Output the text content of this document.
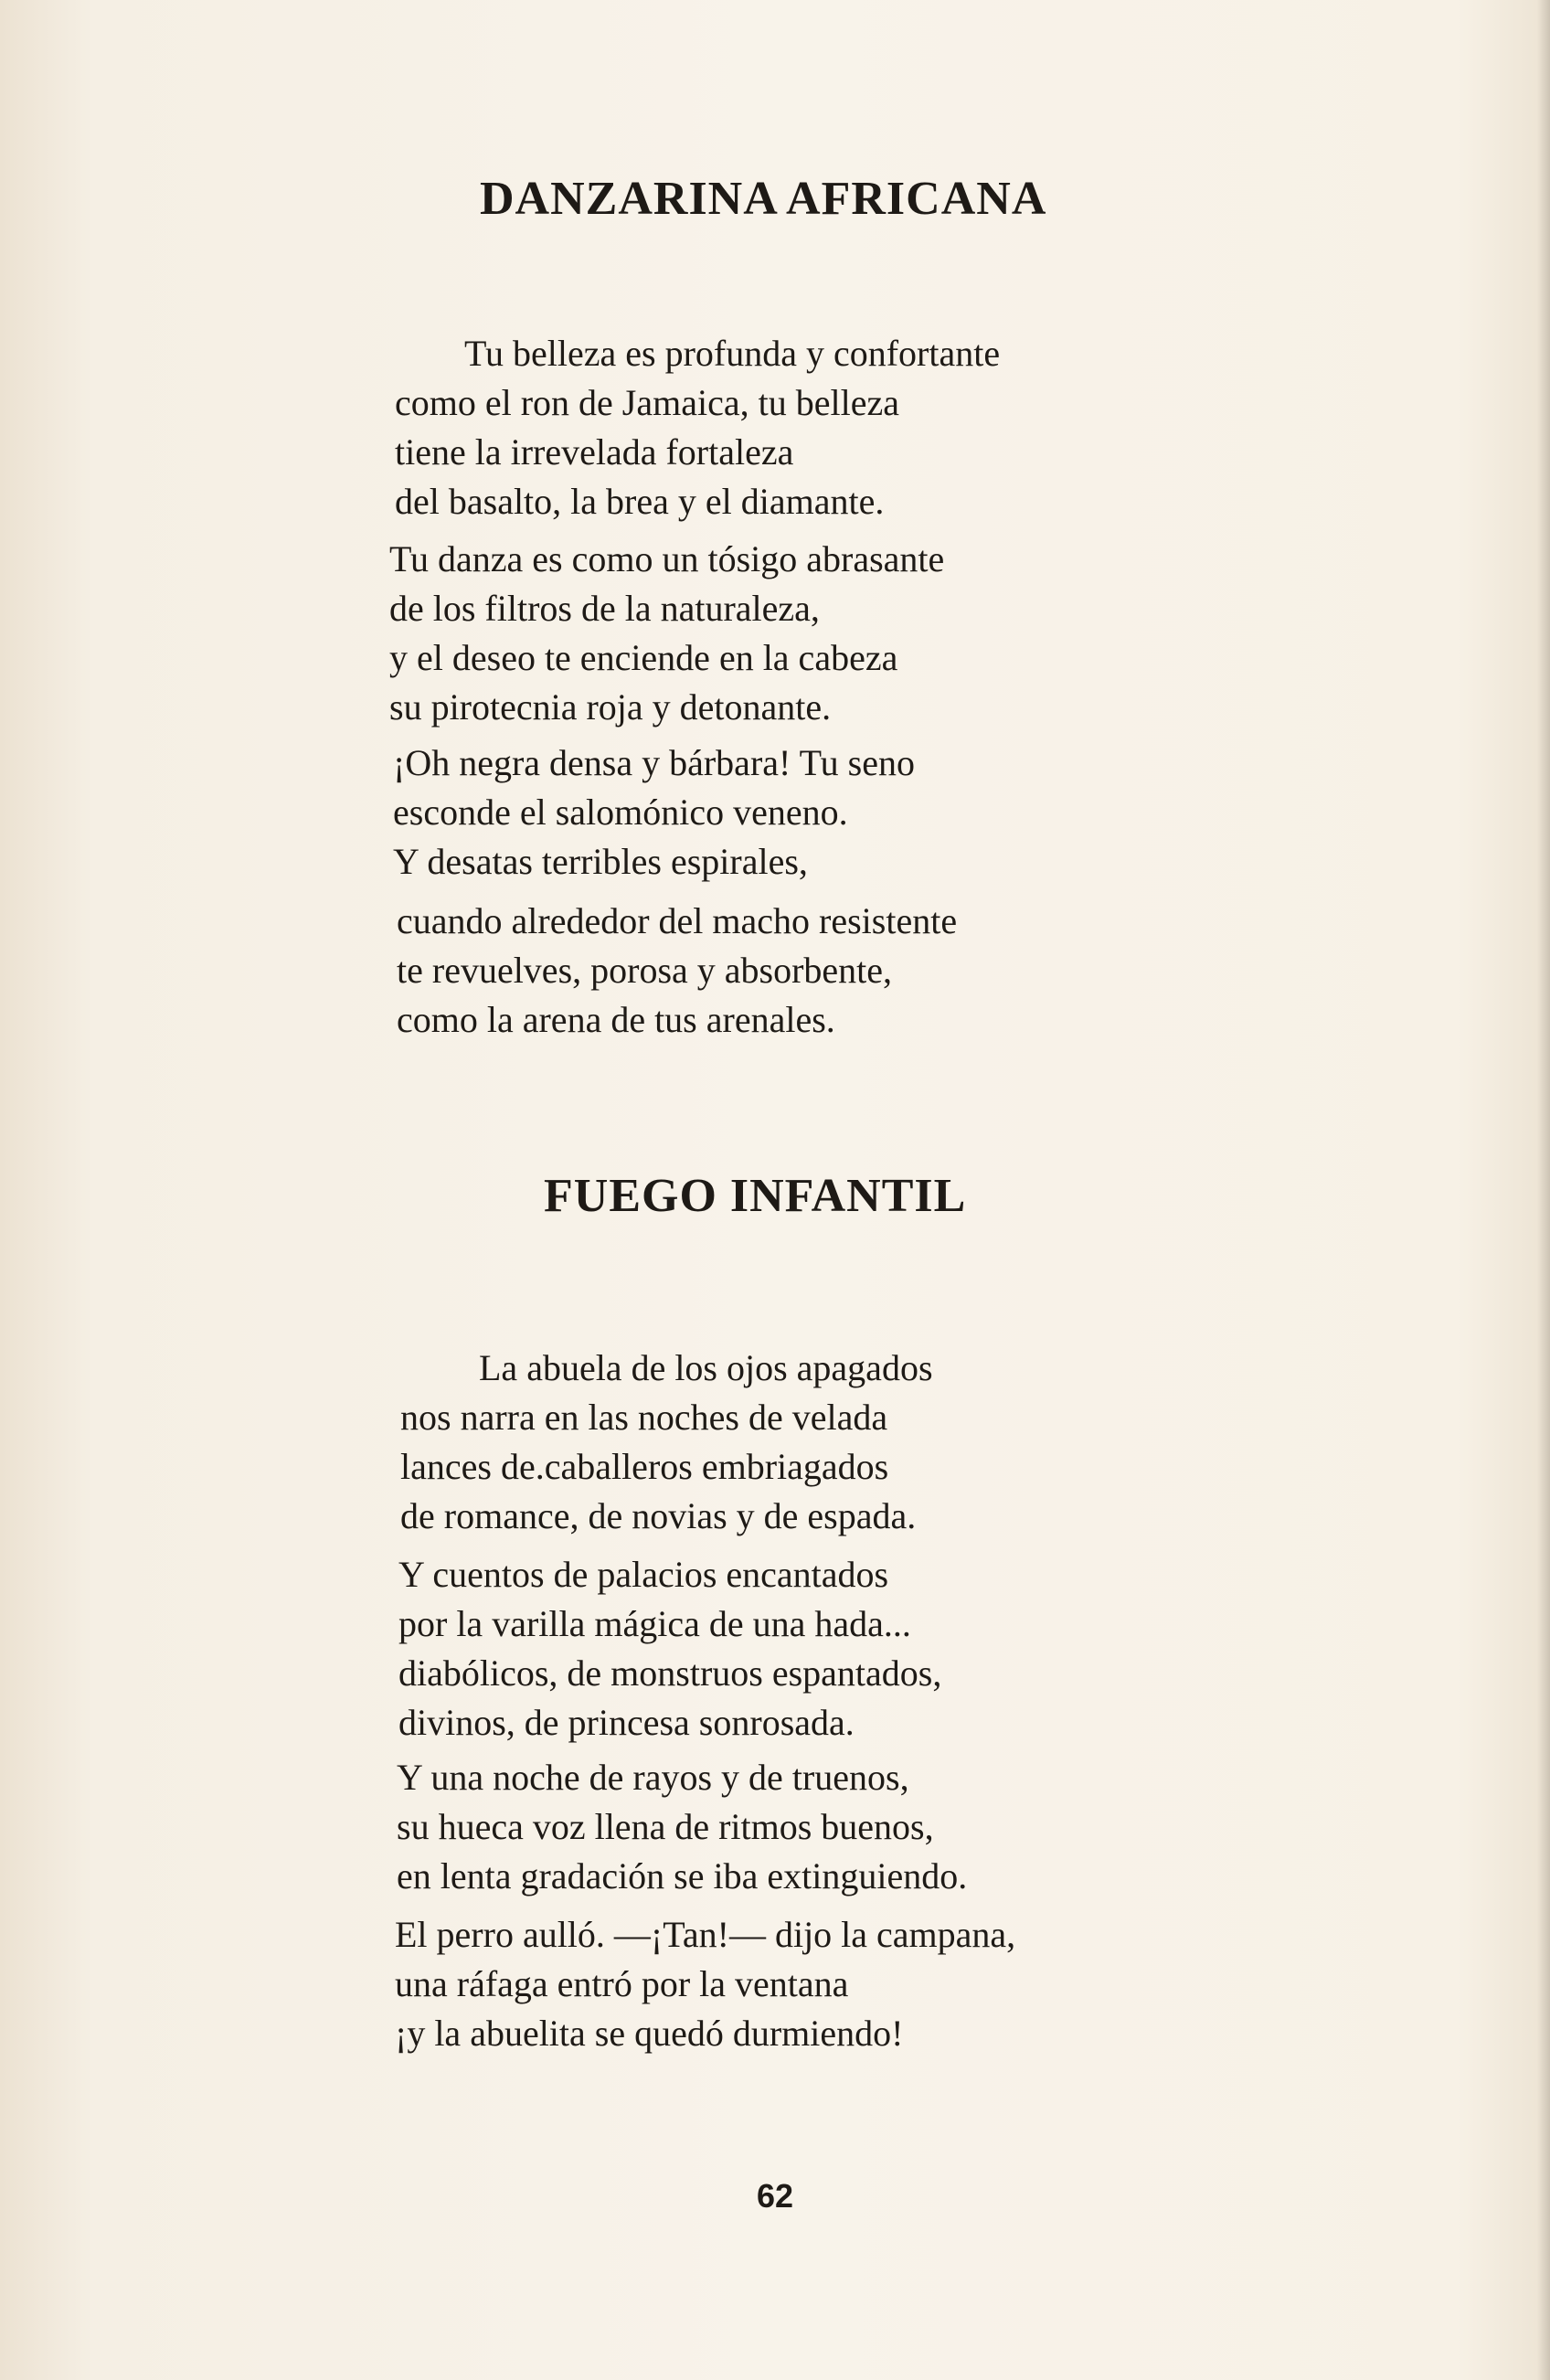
DANZARINA AFRICANA
Tu belleza es profunda y confortante
como el ron de Jamaica, tu belleza
tiene la irrevelada fortaleza
del basalto, la brea y el diamante.
Tu danza es como un tósigo abrasante
de los filtros de la naturaleza,
y el deseo te enciende en la cabeza
su pirotecnia roja y detonante.
¡Oh negra densa y bárbara! Tu seno
esconde el salomónico veneno.
Y desatas terribles espirales,
cuando alrededor del macho resistente
te revuelves, porosa y absorbente,
como la arena de tus arenales.
FUEGO INFANTIL
La abuela de los ojos apagados
nos narra en las noches de velada
lances de.caballeros embriagados
de romance, de novias y de espada.
Y cuentos de palacios encantados
por la varilla mágica de una hada...
diabólicos, de monstruos espantados,
divinos, de princesa sonrosada.
Y una noche de rayos y de truenos,
su hueca voz llena de ritmos buenos,
en lenta gradación se iba extinguiendo.
El perro aulló. —¡Tan!— dijo la campana,
una ráfaga entró por la ventana
¡y la abuelita se quedó durmiendo!

62
